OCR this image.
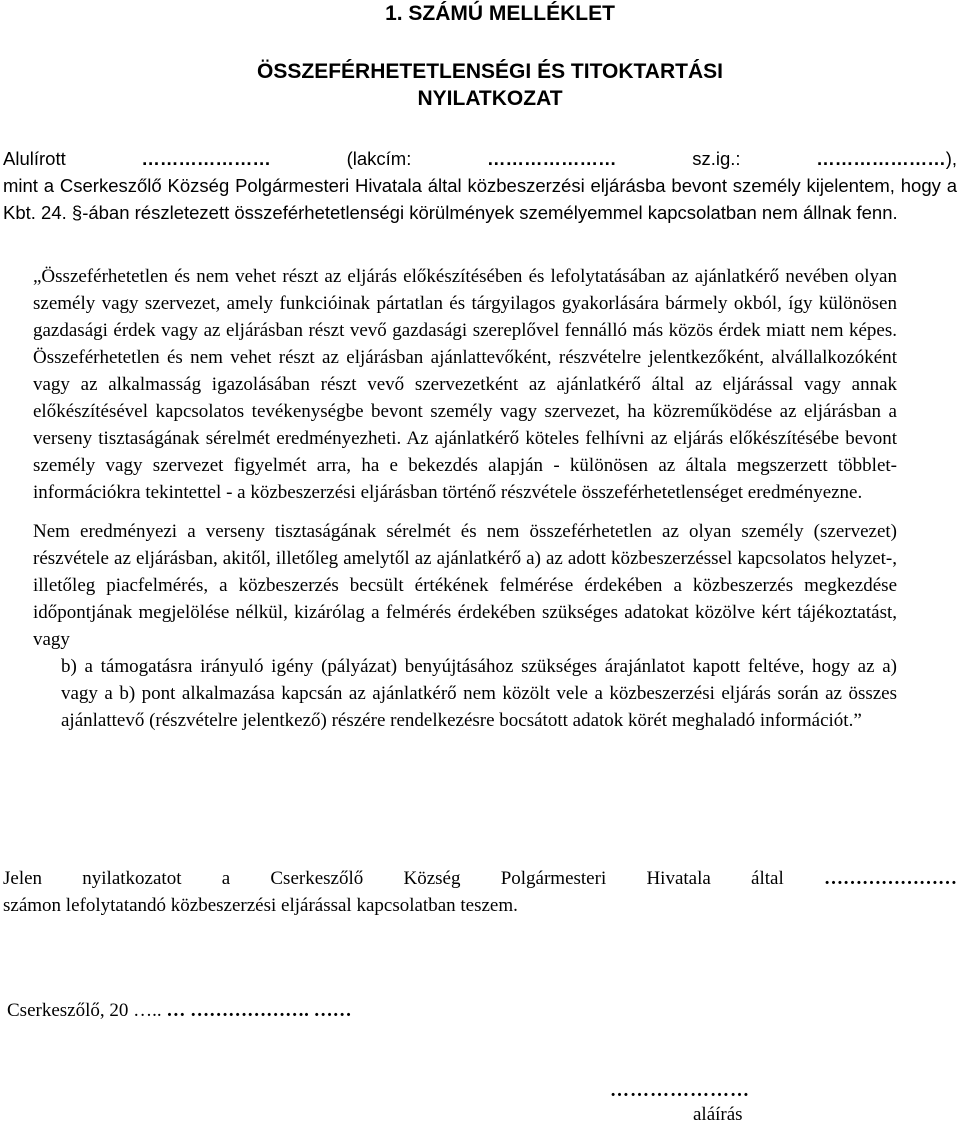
1. SZÁMÚ MELLÉKLET
ÖSSZEFÉRHETETLENSÉGI ÉS TITOKTARTÁSI
NYILATKOZAT
Alulírott	…………………	(lakcím:	…………………	sz.ig.:	…………………),
mint a Cserkeszőlő Község Polgármesteri Hivatala által közbeszerzési eljárásba bevont személy kijelentem, hogy a Kbt. 24. §-ában részletezett összeférhetetlenségi körülmények személyemmel kapcsolatban nem állnak fenn.

„Összeférhetetlen és nem vehet részt az eljárás előkészítésében és lefolytatásában az ajánlatkérő nevében olyan személy vagy szervezet, amely funkcióinak pártatlan és tárgyilagos gyakorlására bármely okból, így különösen gazdasági érdek vagy az eljárásban részt vevő gazdasági szereplővel fennálló más közös érdek miatt nem képes. Összeférhetetlen és nem vehet részt az eljárásban ajánlattevőként, részvételre jelentkezőként, alvállalkozóként vagy az alkalmasság igazolásában részt vevő szervezetként az ajánlatkérő által az eljárással vagy annak előkészítésével kapcsolatos tevékenységbe bevont személy vagy szervezet, ha közreműködése az eljárásban a verseny tisztaságának sérelmét eredményezheti. Az ajánlatkérő köteles felhívni az eljárás előkészítésébe bevont személy vagy szervezet figyelmét arra, ha e bekezdés alapján - különösen az általa megszerzett többlet-információkra tekintettel - a közbeszerzési eljárásban történő részvétele összeférhetetlenséget eredményezne.

Nem eredményezi a verseny tisztaságának sérelmét és nem összeférhetetlen az olyan személy (szervezet) részvétele az eljárásban, akitől, illetőleg amelytől az ajánlatkérő a) az adott közbeszerzéssel kapcsolatos helyzet-, illetőleg piacfelmérés, a közbeszerzés becsült értékének felmérése érdekében a közbeszerzés megkezdése időpontjának megjelölése nélkül, kizárólag a felmérés érdekében szükséges adatokat közölve kért tájékoztatást, vagy

b) a támogatásra irányuló igény (pályázat) benyújtásához szükséges árajánlatot kapott feltéve, hogy az a) vagy a b) pont alkalmazása kapcsán az ajánlatkérő nem közölt vele a közbeszerzési eljárás során az összes ajánlattevő (részvételre jelentkező) részére rendelkezésre bocsátott adatok körét meghaladó információt.”

Jelen nyilatkozatot a Cserkeszőlő Község Polgármesteri Hivatala által …………………
számon lefolytatandó közbeszerzési eljárással kapcsolatban teszem.
Cserkeszőlő, 20 ….. … ………………. ……
…………………
aláírás
